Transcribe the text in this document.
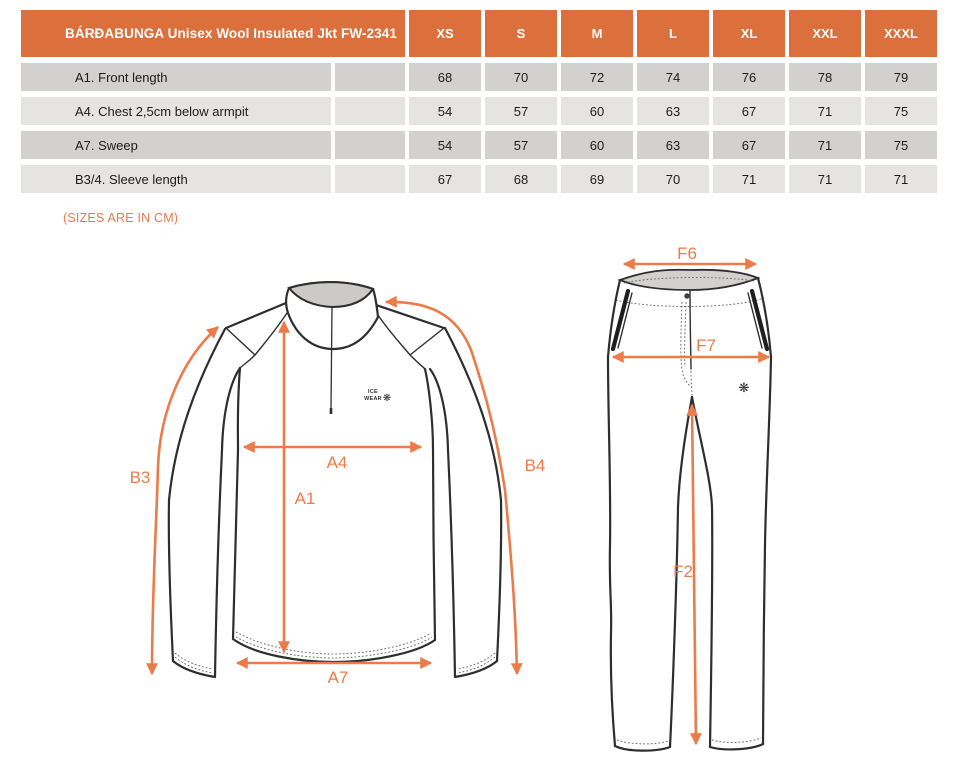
BÁRÐABUNGA Unisex Wool Insulated Jkt FW-2341	XS	S	M	L	XL	XXL	XXXL
A1. Front length	68	70	72	74	76	78	79
A4. Chest 2,5cm below armpit	54	57	60	63	67	71	75
A7. Sweep	54	57	60	63	67	71	75
B3/4. Sleeve length	67	68	69	70	71	71	71
(SIZES ARE IN CM)
ICE
WEAR ❋
A4
A1
A7
B3
B4
❋
F6
F7
F2
